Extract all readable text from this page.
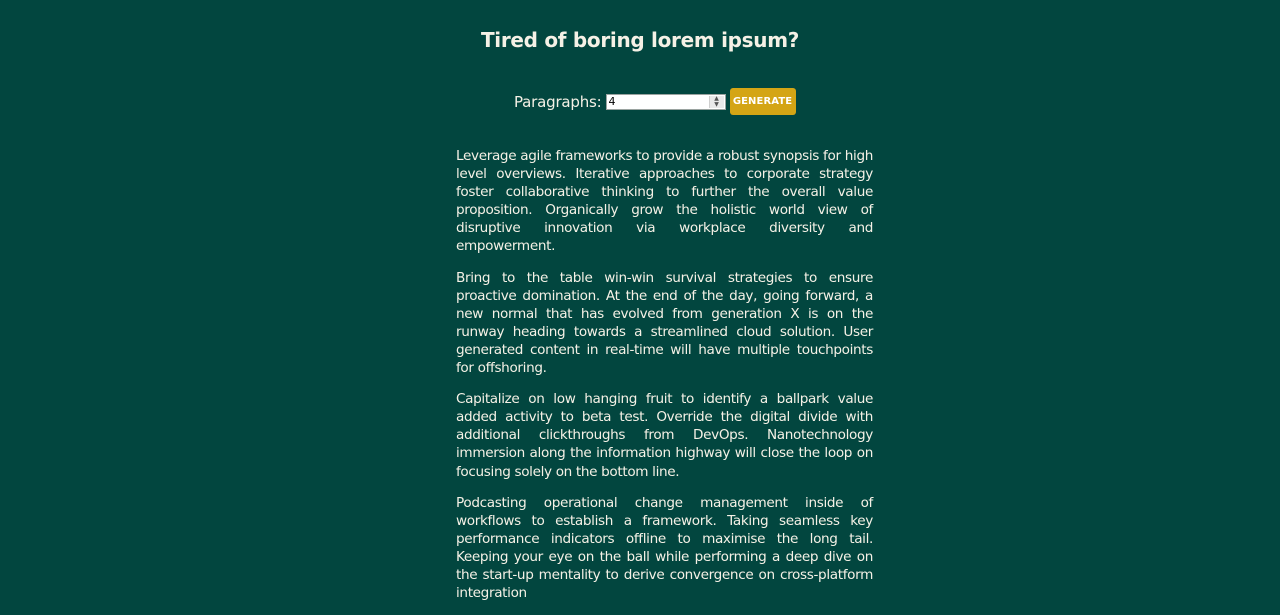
Tired of boring lorem ipsum?
Paragraphs: 4	▲
▼	GENERATE

Leverage agile frameworks to provide a robust synopsis for high level overviews. Iterative approaches to corporate strategy foster collaborative thinking to further the overall value proposition. Organically grow the holistic world view of disruptive innovation via workplace diversity and empowerment.

Bring to the table win-win survival strategies to ensure proactive domination. At the end of the day, going forward, a new normal that has evolved from generation X is on the runway heading towards a streamlined cloud solution. User generated content in real-time will have multiple touchpoints for offshoring.

Capitalize on low hanging fruit to identify a ballpark value added activity to beta test. Override the digital divide with additional clickthroughs from DevOps. Nanotechnology immersion along the information highway will close the loop on focusing solely on the bottom line.

Podcasting operational change management inside of workflows to establish a framework. Taking seamless key performance indicators offline to maximise the long tail. Keeping your eye on the ball while performing a deep dive on the start-up mentality to derive convergence on cross-platform integration
